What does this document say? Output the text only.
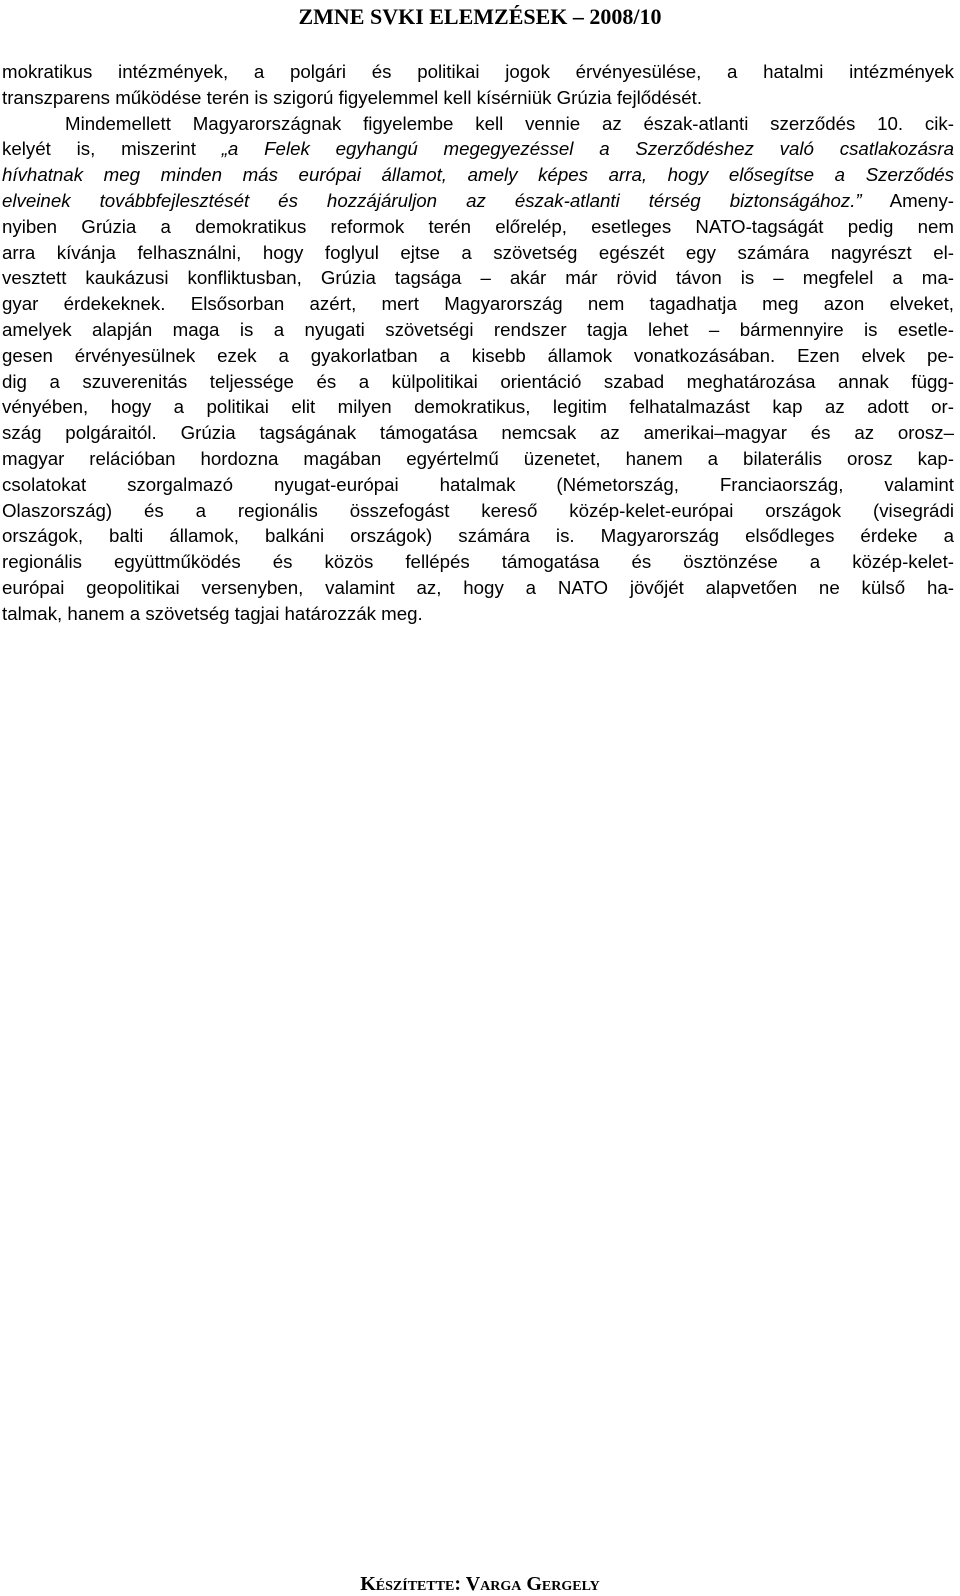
ZMNE SVKI ELEMZÉSEK – 2008/10
mokratikus intézmények, a polgári és politikai jogok érvényesülése, a hatalmi intézmények
transzparens működése terén is szigorú figyelemmel kell kísérniük Grúzia fejlődését.
Mindemellett Magyarországnak figyelembe kell vennie az észak-atlanti szerződés 10. cik-
kelyét is, miszerint „a Felek egyhangú megegyezéssel a Szerződéshez való csatlakozásra
hívhatnak meg minden más európai államot, amely képes arra, hogy elősegítse a Szerződés
elveinek továbbfejlesztését és hozzájáruljon az észak-atlanti térség biztonságához.” Ameny-
nyiben Grúzia a demokratikus reformok terén előrelép, esetleges NATO-tagságát pedig nem
arra kívánja felhasználni, hogy foglyul ejtse a szövetség egészét egy számára nagyrészt el-
vesztett kaukázusi konfliktusban, Grúzia tagsága – akár már rövid távon is – megfelel a ma-
gyar érdekeknek. Elsősorban azért, mert Magyarország nem tagadhatja meg azon elveket,
amelyek alapján maga is a nyugati szövetségi rendszer tagja lehet – bármennyire is esetle-
gesen érvényesülnek ezek a gyakorlatban a kisebb államok vonatkozásában. Ezen elvek pe-
dig a szuverenitás teljessége és a külpolitikai orientáció szabad meghatározása annak függ-
vényében, hogy a politikai elit milyen demokratikus, legitim felhatalmazást kap az adott or-
szág polgáraitól. Grúzia tagságának támogatása nemcsak az amerikai–magyar és az orosz–
magyar relációban hordozna magában egyértelmű üzenetet, hanem a bilaterális orosz kap-
csolatokat szorgalmazó nyugat-európai hatalmak (Németország, Franciaország, valamint
Olaszország) és a regionális összefogást kereső közép-kelet-európai országok (visegrádi
országok, balti államok, balkáni országok) számára is. Magyarország elsődleges érdeke a
regionális együttműködés és közös fellépés támogatása és ösztönzése a közép-kelet-
európai geopolitikai versenyben, valamint az, hogy a NATO jövőjét alapvetően ne külső ha-
talmak, hanem a szövetség tagjai határozzák meg.
Készítette: Varga Gergely
